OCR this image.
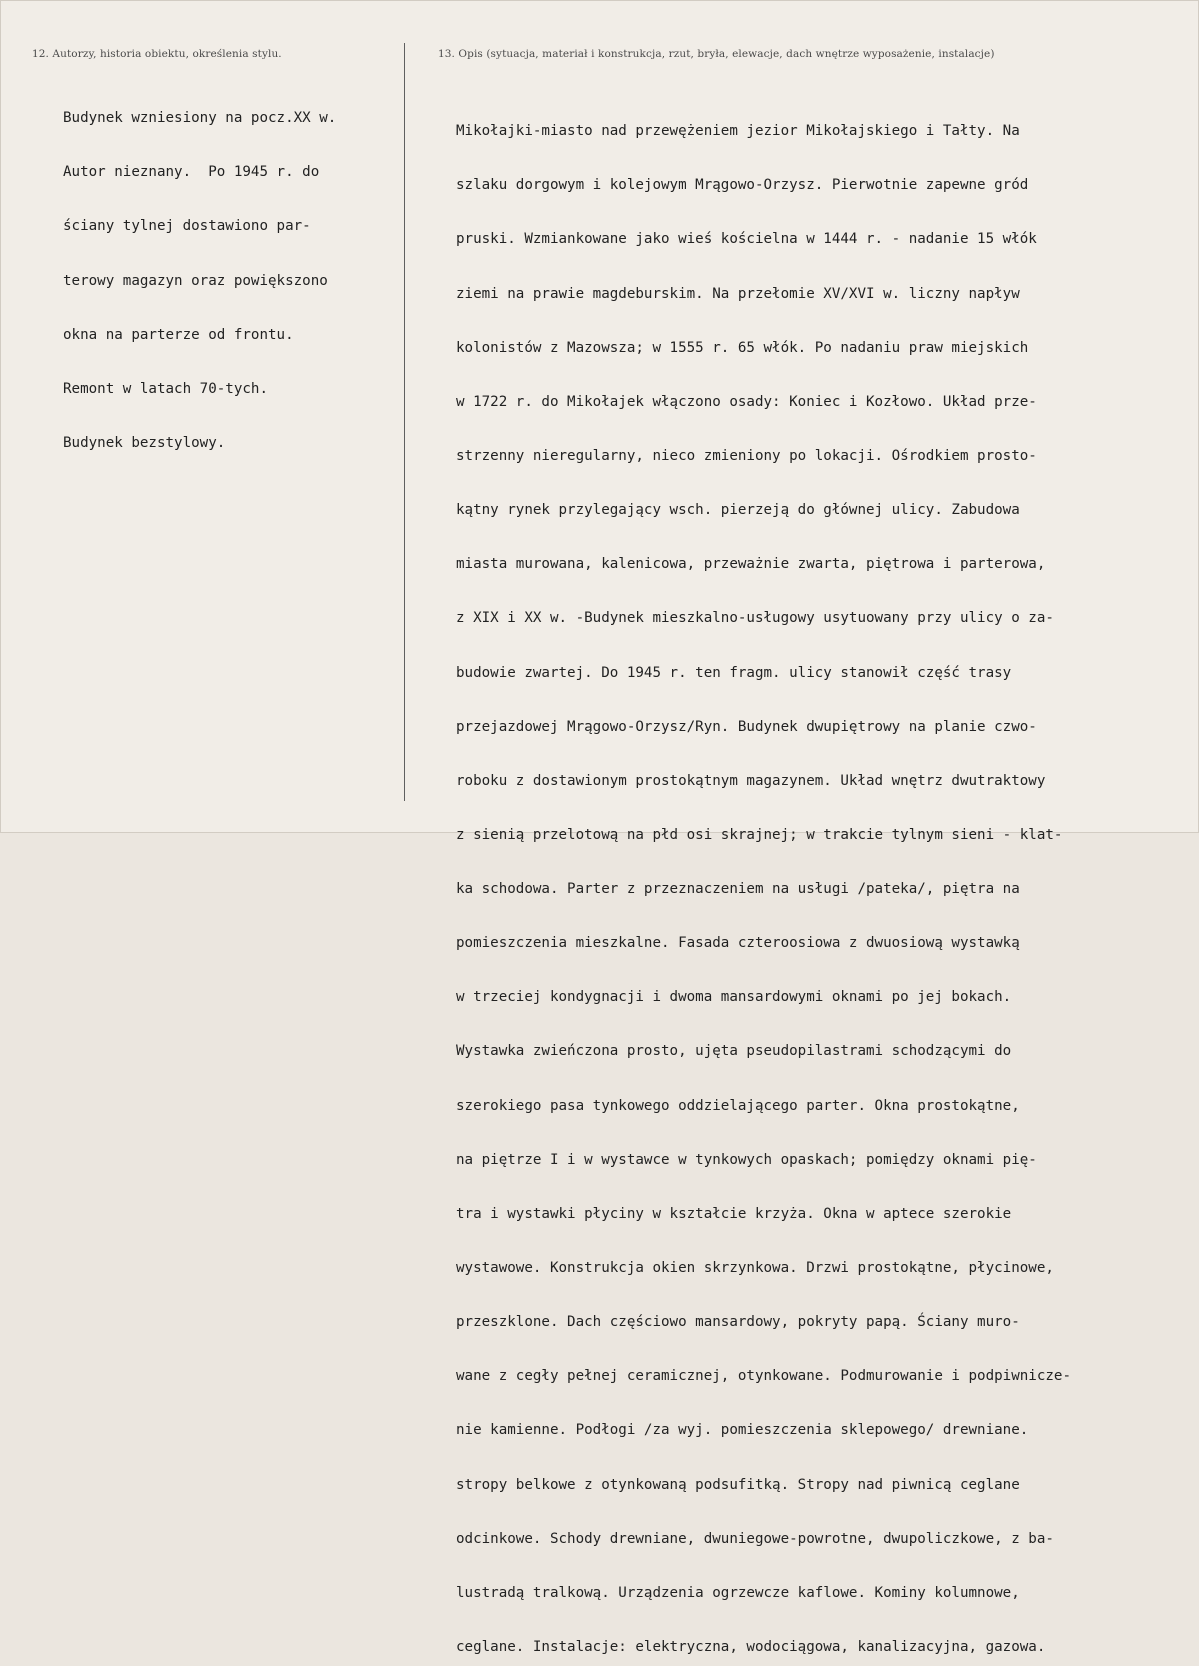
12. Autorzy, historia obiektu, określenia stylu.	13. Opis (sytuacja, materiał i konstrukcja, rzut, bryła, elewacje, dach wnętrze wyposażenie, instalacje)

Budynek wzniesiony na pocz.XX w.

Autor nieznany.  Po 1945 r. do

ściany tylnej dostawiono par-

terowy magazyn oraz powiększono

okna na parterze od frontu.

Remont w latach 70-tych.

Budynek bezstylowy.

Mikołajki-miasto nad przewężeniem jezior Mikołajskiego i Tałty. Na

szlaku dorgowym i kolejowym Mrągowo-Orzysz. Pierwotnie zapewne gród

pruski. Wzmiankowane jako wieś kościelna w 1444 r. - nadanie 15 włók

ziemi na prawie magdeburskim. Na przełomie XV/XVI w. liczny napływ

kolonistów z Mazowsza; w 1555 r. 65 włók. Po nadaniu praw miejskich

w 1722 r. do Mikołajek włączono osady: Koniec i Kozłowo. Układ prze-

strzenny nieregularny, nieco zmieniony po lokacji. Ośrodkiem prosto-

kątny rynek przylegający wsch. pierzeją do głównej ulicy. Zabudowa

miasta murowana, kalenicowa, przeważnie zwarta, piętrowa i parterowa,

z XIX i XX w. -Budynek mieszkalno-usługowy usytuowany przy ulicy o za-

budowie zwartej. Do 1945 r. ten fragm. ulicy stanowił część trasy

przejazdowej Mrągowo-Orzysz/Ryn. Budynek dwupiętrowy na planie czwo-

roboku z dostawionym prostokątnym magazynem. Układ wnętrz dwutraktowy

z sienią przelotową na płd osi skrajnej; w trakcie tylnym sieni - klat-

ka schodowa. Parter z przeznaczeniem na usługi /pateka/, piętra na

pomieszczenia mieszkalne. Fasada czteroosiowa z dwuosiową wystawką

w trzeciej kondygnacji i dwoma mansardowymi oknami po jej bokach.

Wystawka zwieńczona prosto, ujęta pseudopilastrami schodzącymi do

szerokiego pasa tynkowego oddzielającego parter. Okna prostokątne,

na piętrze I i w wystawce w tynkowych opaskach; pomiędzy oknami pię-

tra i wystawki płyciny w kształcie krzyża. Okna w aptece szerokie

wystawowe. Konstrukcja okien skrzynkowa. Drzwi prostokątne, płycinowe,

przeszklone. Dach częściowo mansardowy, pokryty papą. Ściany muro-

wane z cegły pełnej ceramicznej, otynkowane. Podmurowanie i podpiwnicze-

nie kamienne. Podłogi /za wyj. pomieszczenia sklepowego/ drewniane.

stropy belkowe z otynkowaną podsufitką. Stropy nad piwnicą ceglane

odcinkowe. Schody drewniane, dwuniegowe-powrotne, dwupoliczkowe, z ba-

lustradą tralkową. Urządzenia ogrzewcze kaflowe. Kominy kolumnowe,

ceglane. Instalacje: elektryczna, wodociągowa, kanalizacyjna, gazowa.
